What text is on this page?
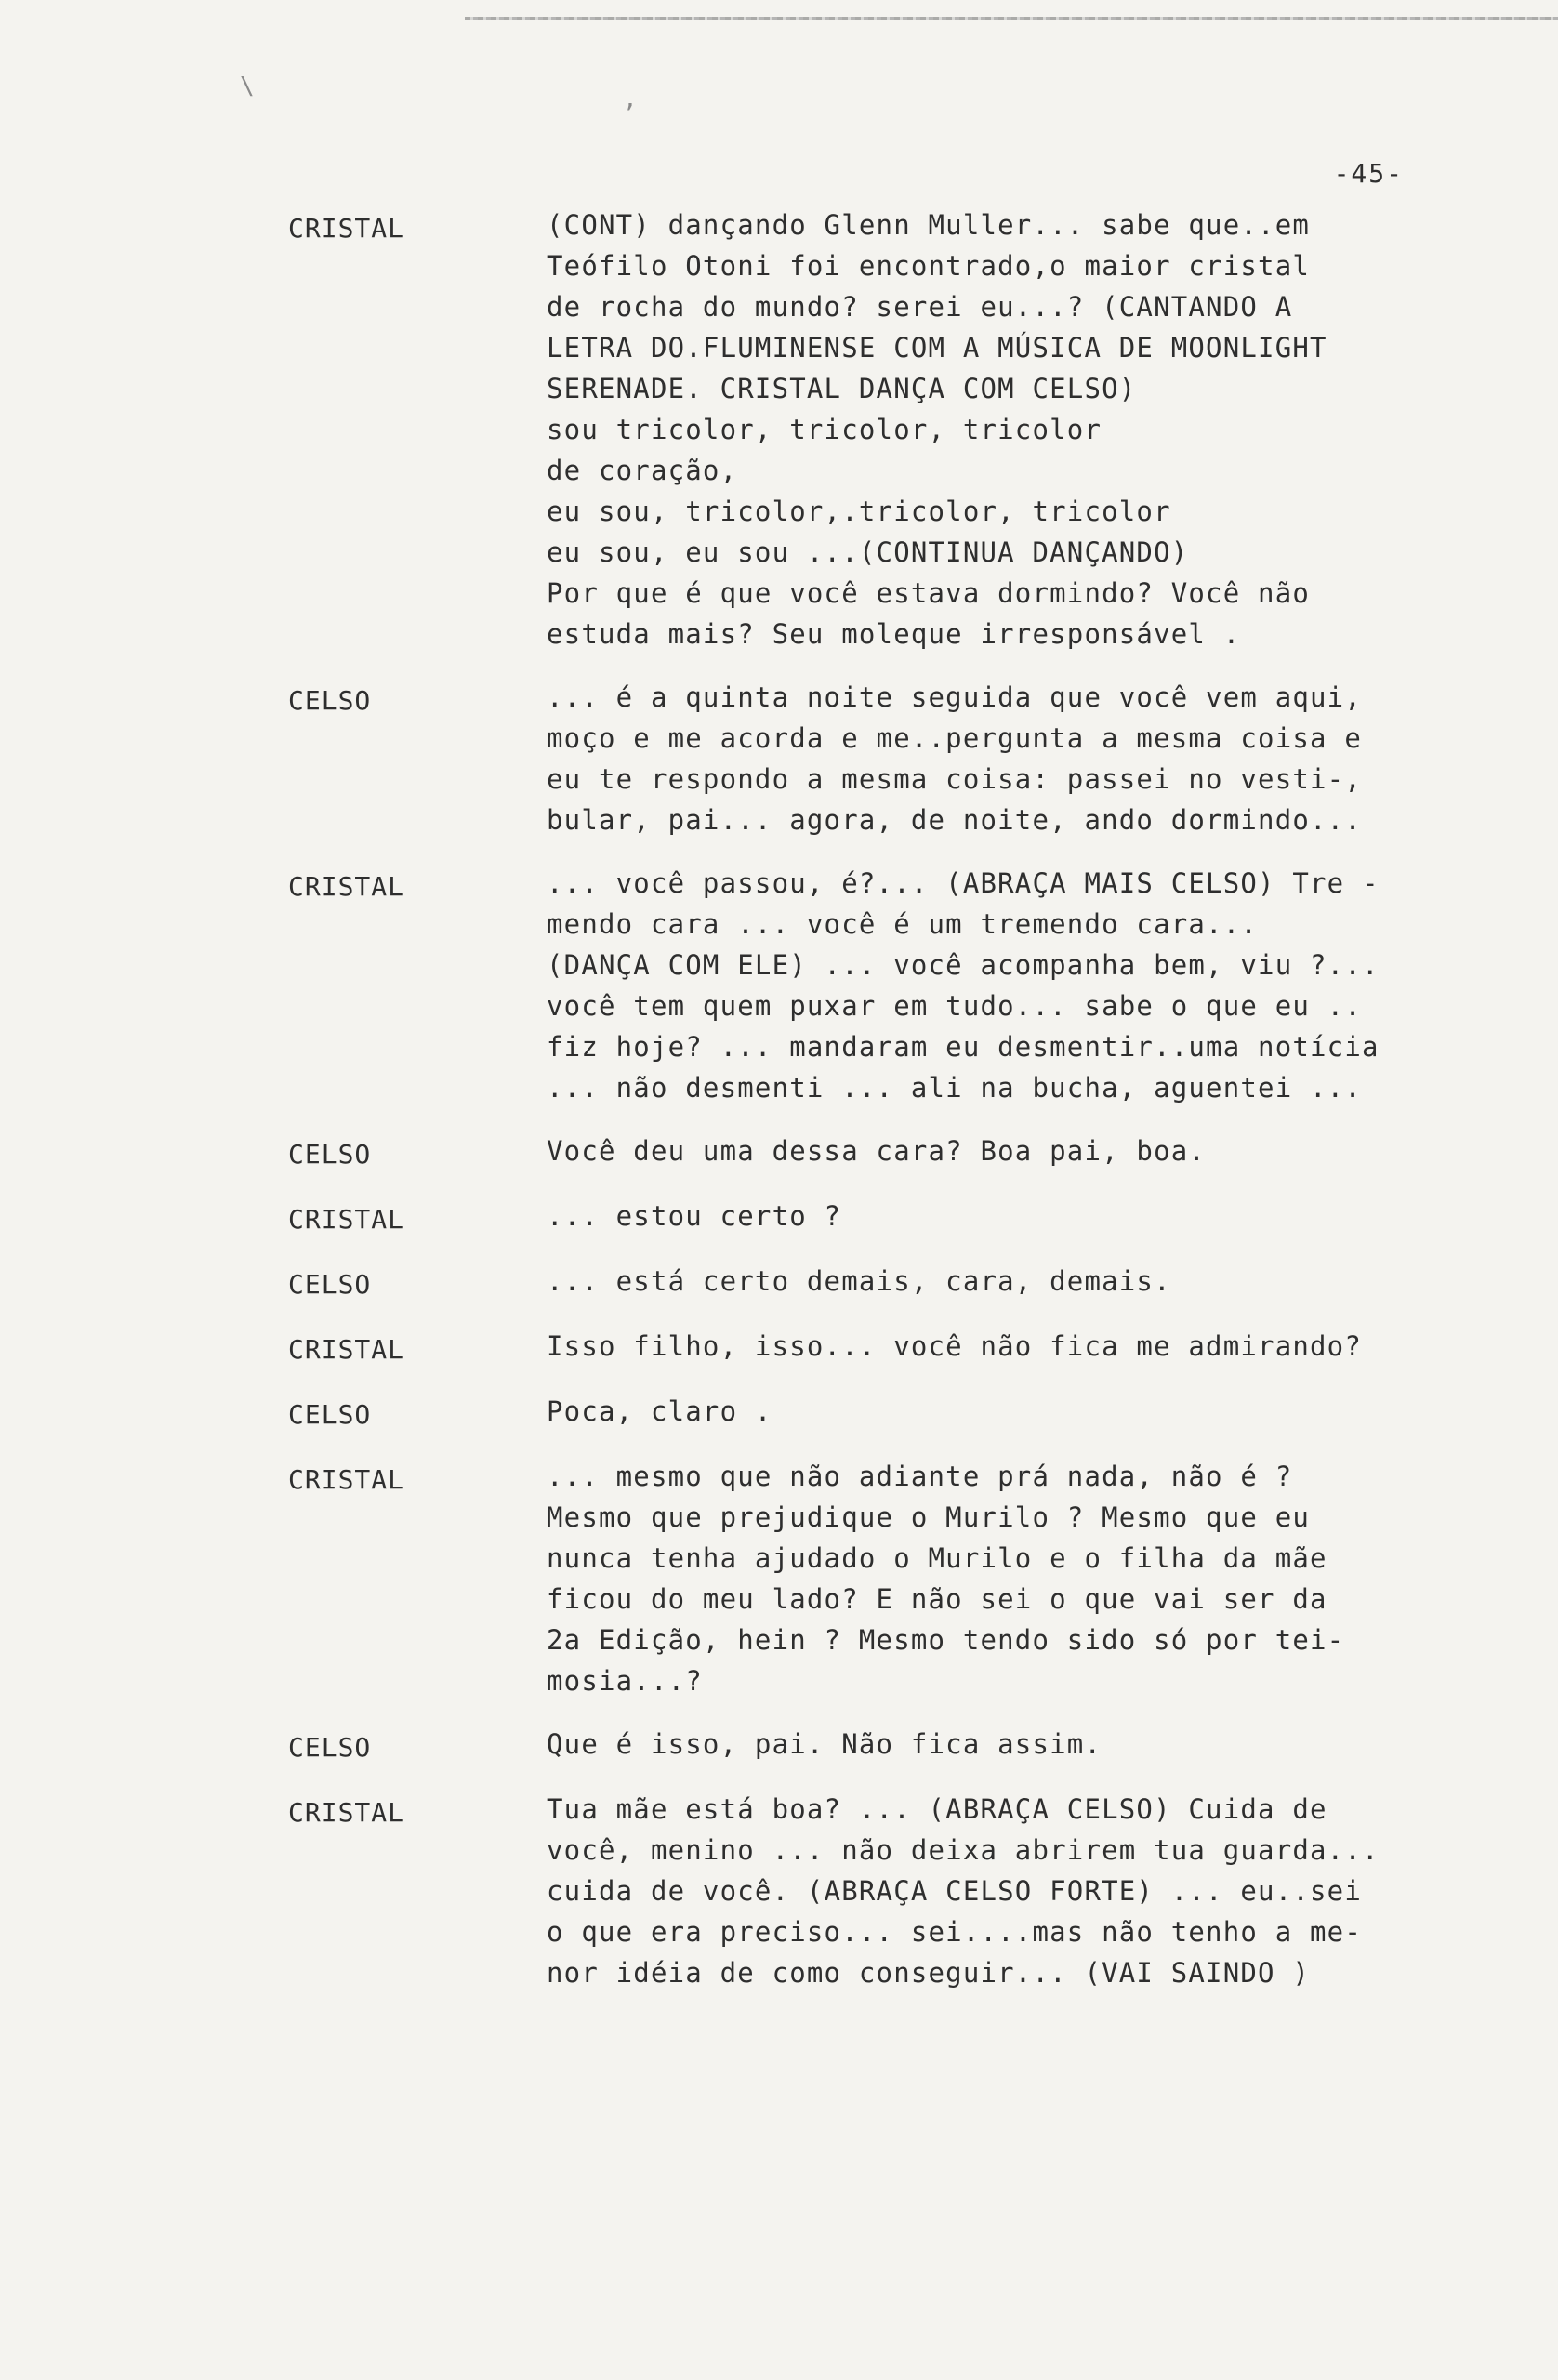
\	,
-45-
CRISTAL	(CONT) dançando Glenn Muller... sabe que..em
Teófilo Otoni foi encontrado,o maior cristal
de rocha do mundo? serei eu...? (CANTANDO A
LETRA DO.FLUMINENSE COM A MÚSICA DE MOONLIGHT
SERENADE. CRISTAL DANÇA COM CELSO)
sou tricolor, tricolor, tricolor
de coração,
eu sou, tricolor,.tricolor, tricolor
eu sou, eu sou ...(CONTINUA DANÇANDO)
Por que é que você estava dormindo? Você não
estuda mais? Seu moleque irresponsável .
CELSO	... é a quinta noite seguida que você vem aqui,
moço e me acorda e me..pergunta a mesma coisa e
eu te respondo a mesma coisa: passei no vesti-,
bular, pai... agora, de noite, ando dormindo...
CRISTAL	... você passou, é?... (ABRAÇA MAIS CELSO) Tre -
mendo cara ... você é um tremendo cara...
(DANÇA COM ELE) ... você acompanha bem, viu ?...
você tem quem puxar em tudo... sabe o que eu ..
fiz hoje? ... mandaram eu desmentir..uma notícia
... não desmenti ... ali na bucha, aguentei ...
CELSO	Você deu uma dessa cara? Boa pai, boa.
CRISTAL	... estou certo ?
CELSO	... está certo demais, cara, demais.
CRISTAL	Isso filho, isso... você não fica me admirando?
CELSO	Poca, claro .
CRISTAL	... mesmo que não adiante prá nada, não é ?
Mesmo que prejudique o Murilo ? Mesmo que eu
nunca tenha ajudado o Murilo e o filha da mãe
ficou do meu lado? E não sei o que vai ser da
2a Edição, hein ? Mesmo tendo sido só por tei-
mosia...?
CELSO	Que é isso, pai. Não fica assim.
CRISTAL	Tua mãe está boa? ... (ABRAÇA CELSO) Cuida de
você, menino ... não deixa abrirem tua guarda...
cuida de você. (ABRAÇA CELSO FORTE) ... eu..sei
o que era preciso... sei....mas não tenho a me-
nor idéia de como conseguir... (VAI SAINDO )
